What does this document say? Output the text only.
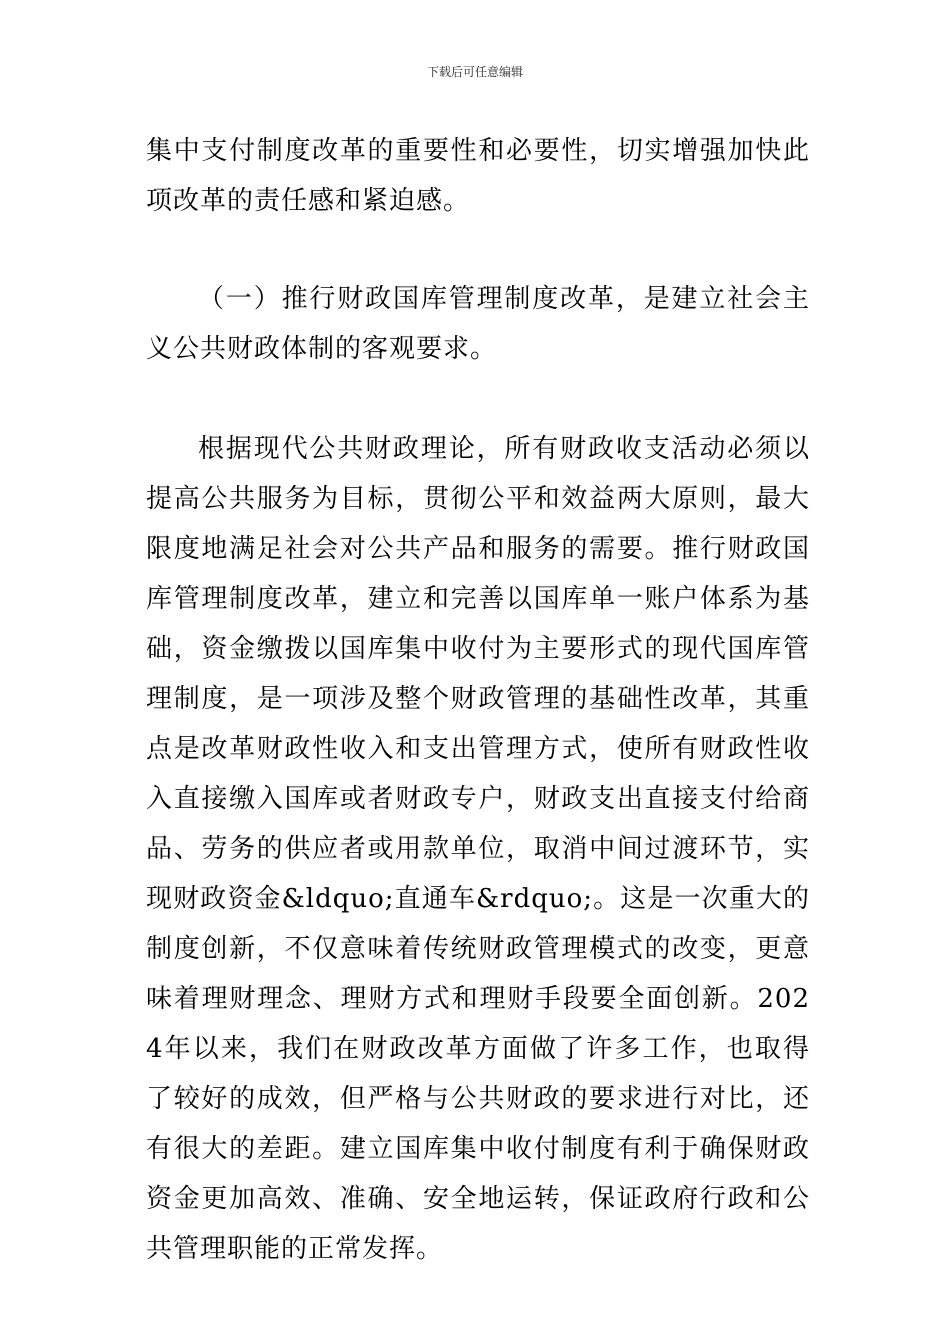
下载后可任意编辑

集中支付制度改革的重要性和必要性，切实增强加快此项改革的责任感和紧迫感。

（一）推行财政国库管理制度改革，是建立社会主义公共财政体制的客观要求。

根据现代公共财政理论，所有财政收支活动必须以提高公共服务为目标，贯彻公平和效益两大原则，最大限度地满足社会对公共产品和服务的需要。推行财政国库管理制度改革，建立和完善以国库单一账户体系为基础，资金缴拨以国库集中收付为主要形式的现代国库管理制度，是一项涉及整个财政管理的基础性改革，其重点是改革财政性收入和支出管理方式，使所有财政性收入直接缴入国库或者财政专户，财政支出直接支付给商品、劳务的供应者或用款单位，取消中间过渡环节，实现财政资金&ldquo;直通车&rdquo;。这是一次重大的制度创新，不仅意味着传统财政管理模式的改变，更意味着理财理念、理财方式和理财手段要全面创新。2024年以来，我们在财政改革方面做了许多工作，也取得了较好的成效，但严格与公共财政的要求进行对比，还有很大的差距。建立国库集中收付制度有利于确保财政资金更加高效、准确、安全地运转，保证政府行政和公共管理职能的正常发挥。
